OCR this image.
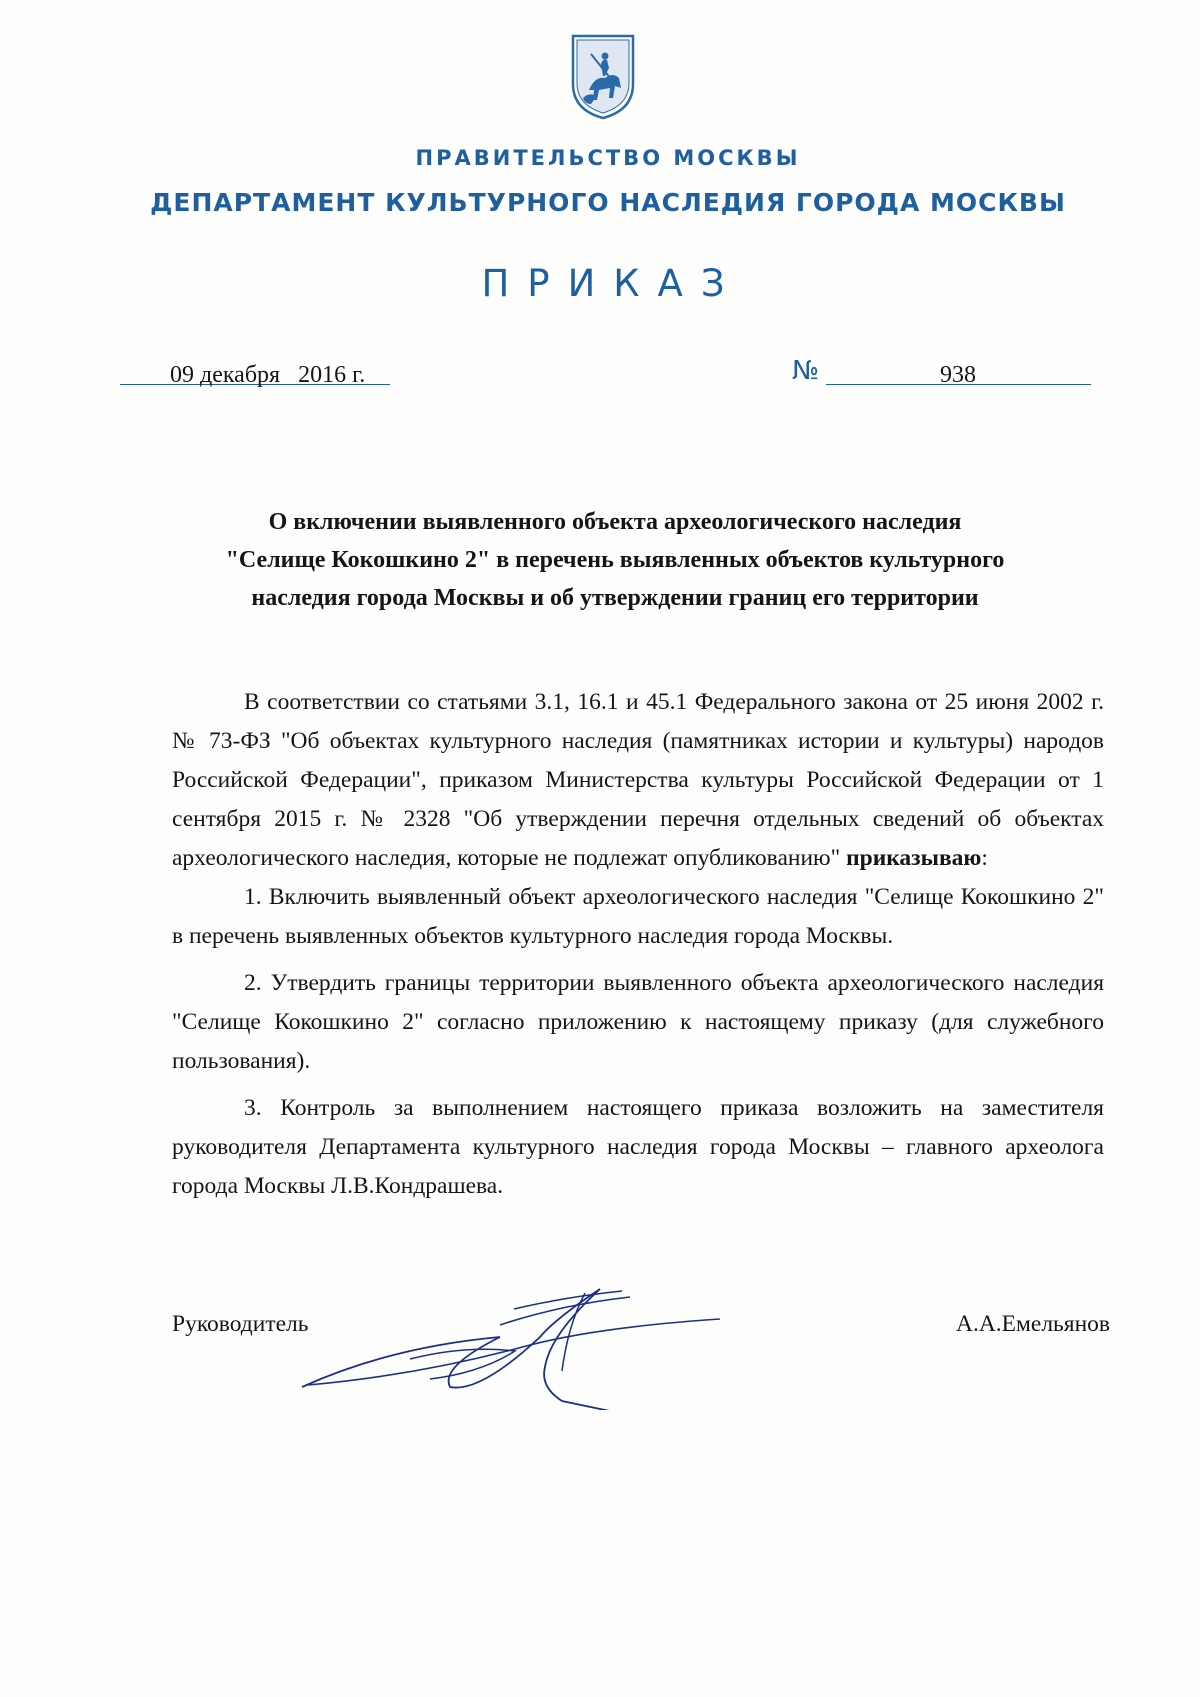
ПРАВИТЕЛЬСТВО МОСКВЫ
ДЕПАРТАМЕНТ КУЛЬТУРНОГО НАСЛЕДИЯ ГОРОДА МОСКВЫ
ПРИКАЗ
09 декабря   2016 г.	№	938
О включении выявленного объекта археологического наследия
"Селище Кокошкино 2" в перечень выявленных объектов культурного
наследия города Москвы и об утверждении границ его территории
В соответствии со статьями 3.1, 16.1 и 45.1 Федерального закона от 25 июня 2002 г. № 73-ФЗ "Об объектах культурного наследия (памятниках истории и культуры) народов Российской Федерации", приказом Министерства культуры Российской Федерации от 1 сентября 2015 г. № 2328 "Об утверждении перечня отдельных сведений об объектах археологического наследия, которые не подлежат опубликованию" приказываю:
1. Включить выявленный объект археологического наследия "Селище Кокошкино 2" в перечень выявленных объектов культурного наследия города Москвы.
2. Утвердить границы территории выявленного объекта археологического наследия "Селище Кокошкино 2" согласно приложению к настоящему приказу (для служебного пользования).
3. Контроль за выполнением настоящего приказа возложить на заместителя руководителя Департамента культурного наследия города Москвы – главного археолога города Москвы Л.В.Кондрашева.
Руководитель	А.А.Емельянов
